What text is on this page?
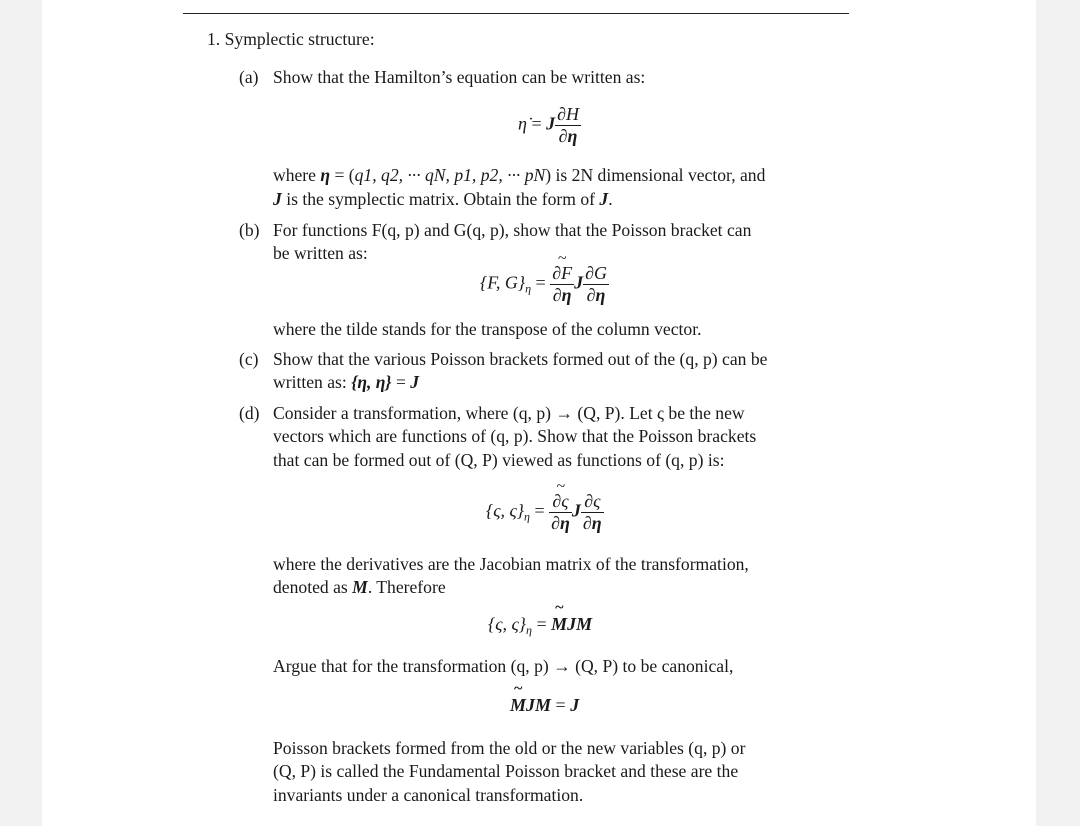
1. Symplectic structure:
(a) Show that the Hamilton’s equation can be written as:
η̇ = J $\frac{\partial H}{\partial\eta}$
where η = (q1, q2, ··· qN, p1, p2, ··· pN) is 2N dimensional vector, and
J is the symplectic matrix. Obtain the form of J.
(b) For functions F(q, p) and G(q, p), show that the Poisson bracket can
be written as:
{F, $G\}_\eta$ = ~
∂F
∂η J $\frac{\partial G}{\partial\eta}$
where the tilde stands for the transpose of the column vector.
(c) Show that the various Poisson brackets formed out of the (q, p) can be
written as: {η, η} = J
(d) Consider a transformation, where (q, p) → (Q, P). Let ς be the new
vectors which are functions of (q, p). Show that the Poisson brackets
that can be formed out of (Q, P) viewed as functions of (q, p) is:
{ς, $\varsigma\}_\eta$ = ~
∂ς
∂η J $\frac{\partial\varsigma}{\partial\eta}$
where the derivatives are the Jacobian matrix of the transformation,
denoted as M. Therefore
{ς, $\varsigma\}_\eta$ =
~
MJM
Argue that for the transformation (q, p) → (Q, P) to be canonical,
~
MJM = J
Poisson brackets formed from the old or the new variables (q, p) or
(Q, P) is called the Fundamental Poisson bracket and these are the
invariants under a canonical transformation.
